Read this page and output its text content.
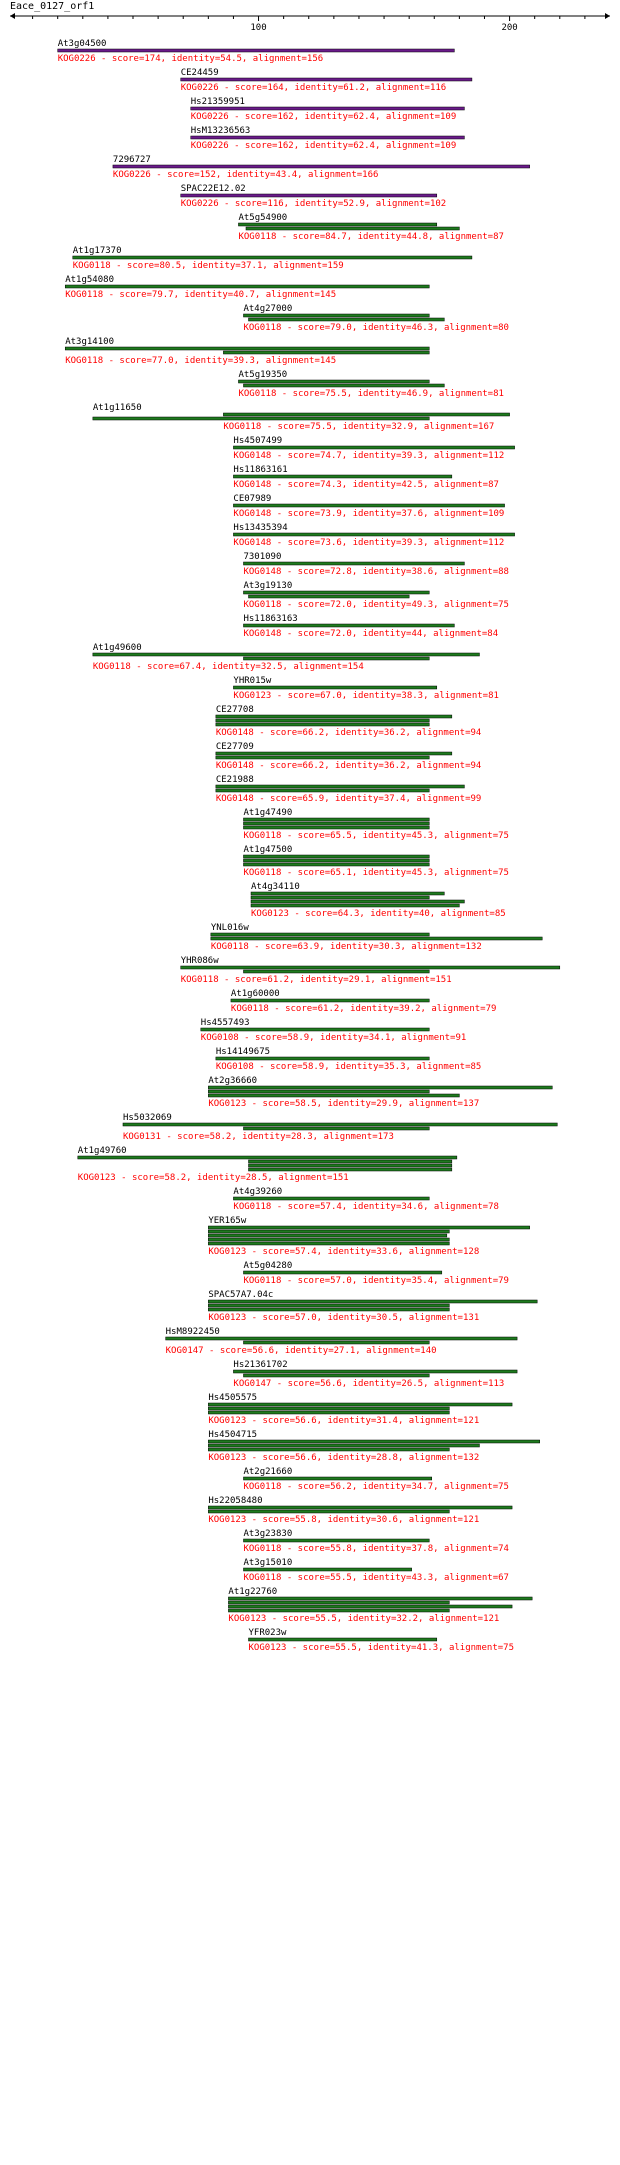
Eace_0127_orf1
100	200
At3g04500
KOG0226 - score=174, identity=54.5, alignment=156
CE24459
KOG0226 - score=164, identity=61.2, alignment=116
Hs21359951
KOG0226 - score=162, identity=62.4, alignment=109
HsM13236563
KOG0226 - score=162, identity=62.4, alignment=109
7296727
KOG0226 - score=152, identity=43.4, alignment=166
SPAC22E12.02
KOG0226 - score=116, identity=52.9, alignment=102
At5g54900
KOG0118 - score=84.7, identity=44.8, alignment=87
At1g17370
KOG0118 - score=80.5, identity=37.1, alignment=159
At1g54080
KOG0118 - score=79.7, identity=40.7, alignment=145
At4g27000
KOG0118 - score=79.0, identity=46.3, alignment=80
At3g14100
KOG0118 - score=77.0, identity=39.3, alignment=145
At5g19350
KOG0118 - score=75.5, identity=46.9, alignment=81
At1g11650
KOG0118 - score=75.5, identity=32.9, alignment=167
Hs4507499
KOG0148 - score=74.7, identity=39.3, alignment=112
Hs11863161
KOG0148 - score=74.3, identity=42.5, alignment=87
CE07989
KOG0148 - score=73.9, identity=37.6, alignment=109
Hs13435394
KOG0148 - score=73.6, identity=39.3, alignment=112
7301090
KOG0148 - score=72.8, identity=38.6, alignment=88
At3g19130
KOG0118 - score=72.0, identity=49.3, alignment=75
Hs11863163
KOG0148 - score=72.0, identity=44, alignment=84
At1g49600
KOG0118 - score=67.4, identity=32.5, alignment=154
YHR015w
KOG0123 - score=67.0, identity=38.3, alignment=81
CE27708
KOG0148 - score=66.2, identity=36.2, alignment=94
CE27709
KOG0148 - score=66.2, identity=36.2, alignment=94
CE21988
KOG0148 - score=65.9, identity=37.4, alignment=99
At1g47490
KOG0118 - score=65.5, identity=45.3, alignment=75
At1g47500
KOG0118 - score=65.1, identity=45.3, alignment=75
At4g34110
KOG0123 - score=64.3, identity=40, alignment=85
YNL016w
KOG0118 - score=63.9, identity=30.3, alignment=132
YHR086w
KOG0118 - score=61.2, identity=29.1, alignment=151
At1g60000
KOG0118 - score=61.2, identity=39.2, alignment=79
Hs4557493
KOG0108 - score=58.9, identity=34.1, alignment=91
Hs14149675
KOG0108 - score=58.9, identity=35.3, alignment=85
At2g36660
KOG0123 - score=58.5, identity=29.9, alignment=137
Hs5032069
KOG0131 - score=58.2, identity=28.3, alignment=173
At1g49760
KOG0123 - score=58.2, identity=28.5, alignment=151
At4g39260
KOG0118 - score=57.4, identity=34.6, alignment=78
YER165w
KOG0123 - score=57.4, identity=33.6, alignment=128
At5g04280
KOG0118 - score=57.0, identity=35.4, alignment=79
SPAC57A7.04c
KOG0123 - score=57.0, identity=30.5, alignment=131
HsM8922450
KOG0147 - score=56.6, identity=27.1, alignment=140
Hs21361702
KOG0147 - score=56.6, identity=26.5, alignment=113
Hs4505575
KOG0123 - score=56.6, identity=31.4, alignment=121
Hs4504715
KOG0123 - score=56.6, identity=28.8, alignment=132
At2g21660
KOG0118 - score=56.2, identity=34.7, alignment=75
Hs22058480
KOG0123 - score=55.8, identity=30.6, alignment=121
At3g23830
KOG0118 - score=55.8, identity=37.8, alignment=74
At3g15010
KOG0118 - score=55.5, identity=43.3, alignment=67
At1g22760
KOG0123 - score=55.5, identity=32.2, alignment=121
YFR023w
KOG0123 - score=55.5, identity=41.3, alignment=75
